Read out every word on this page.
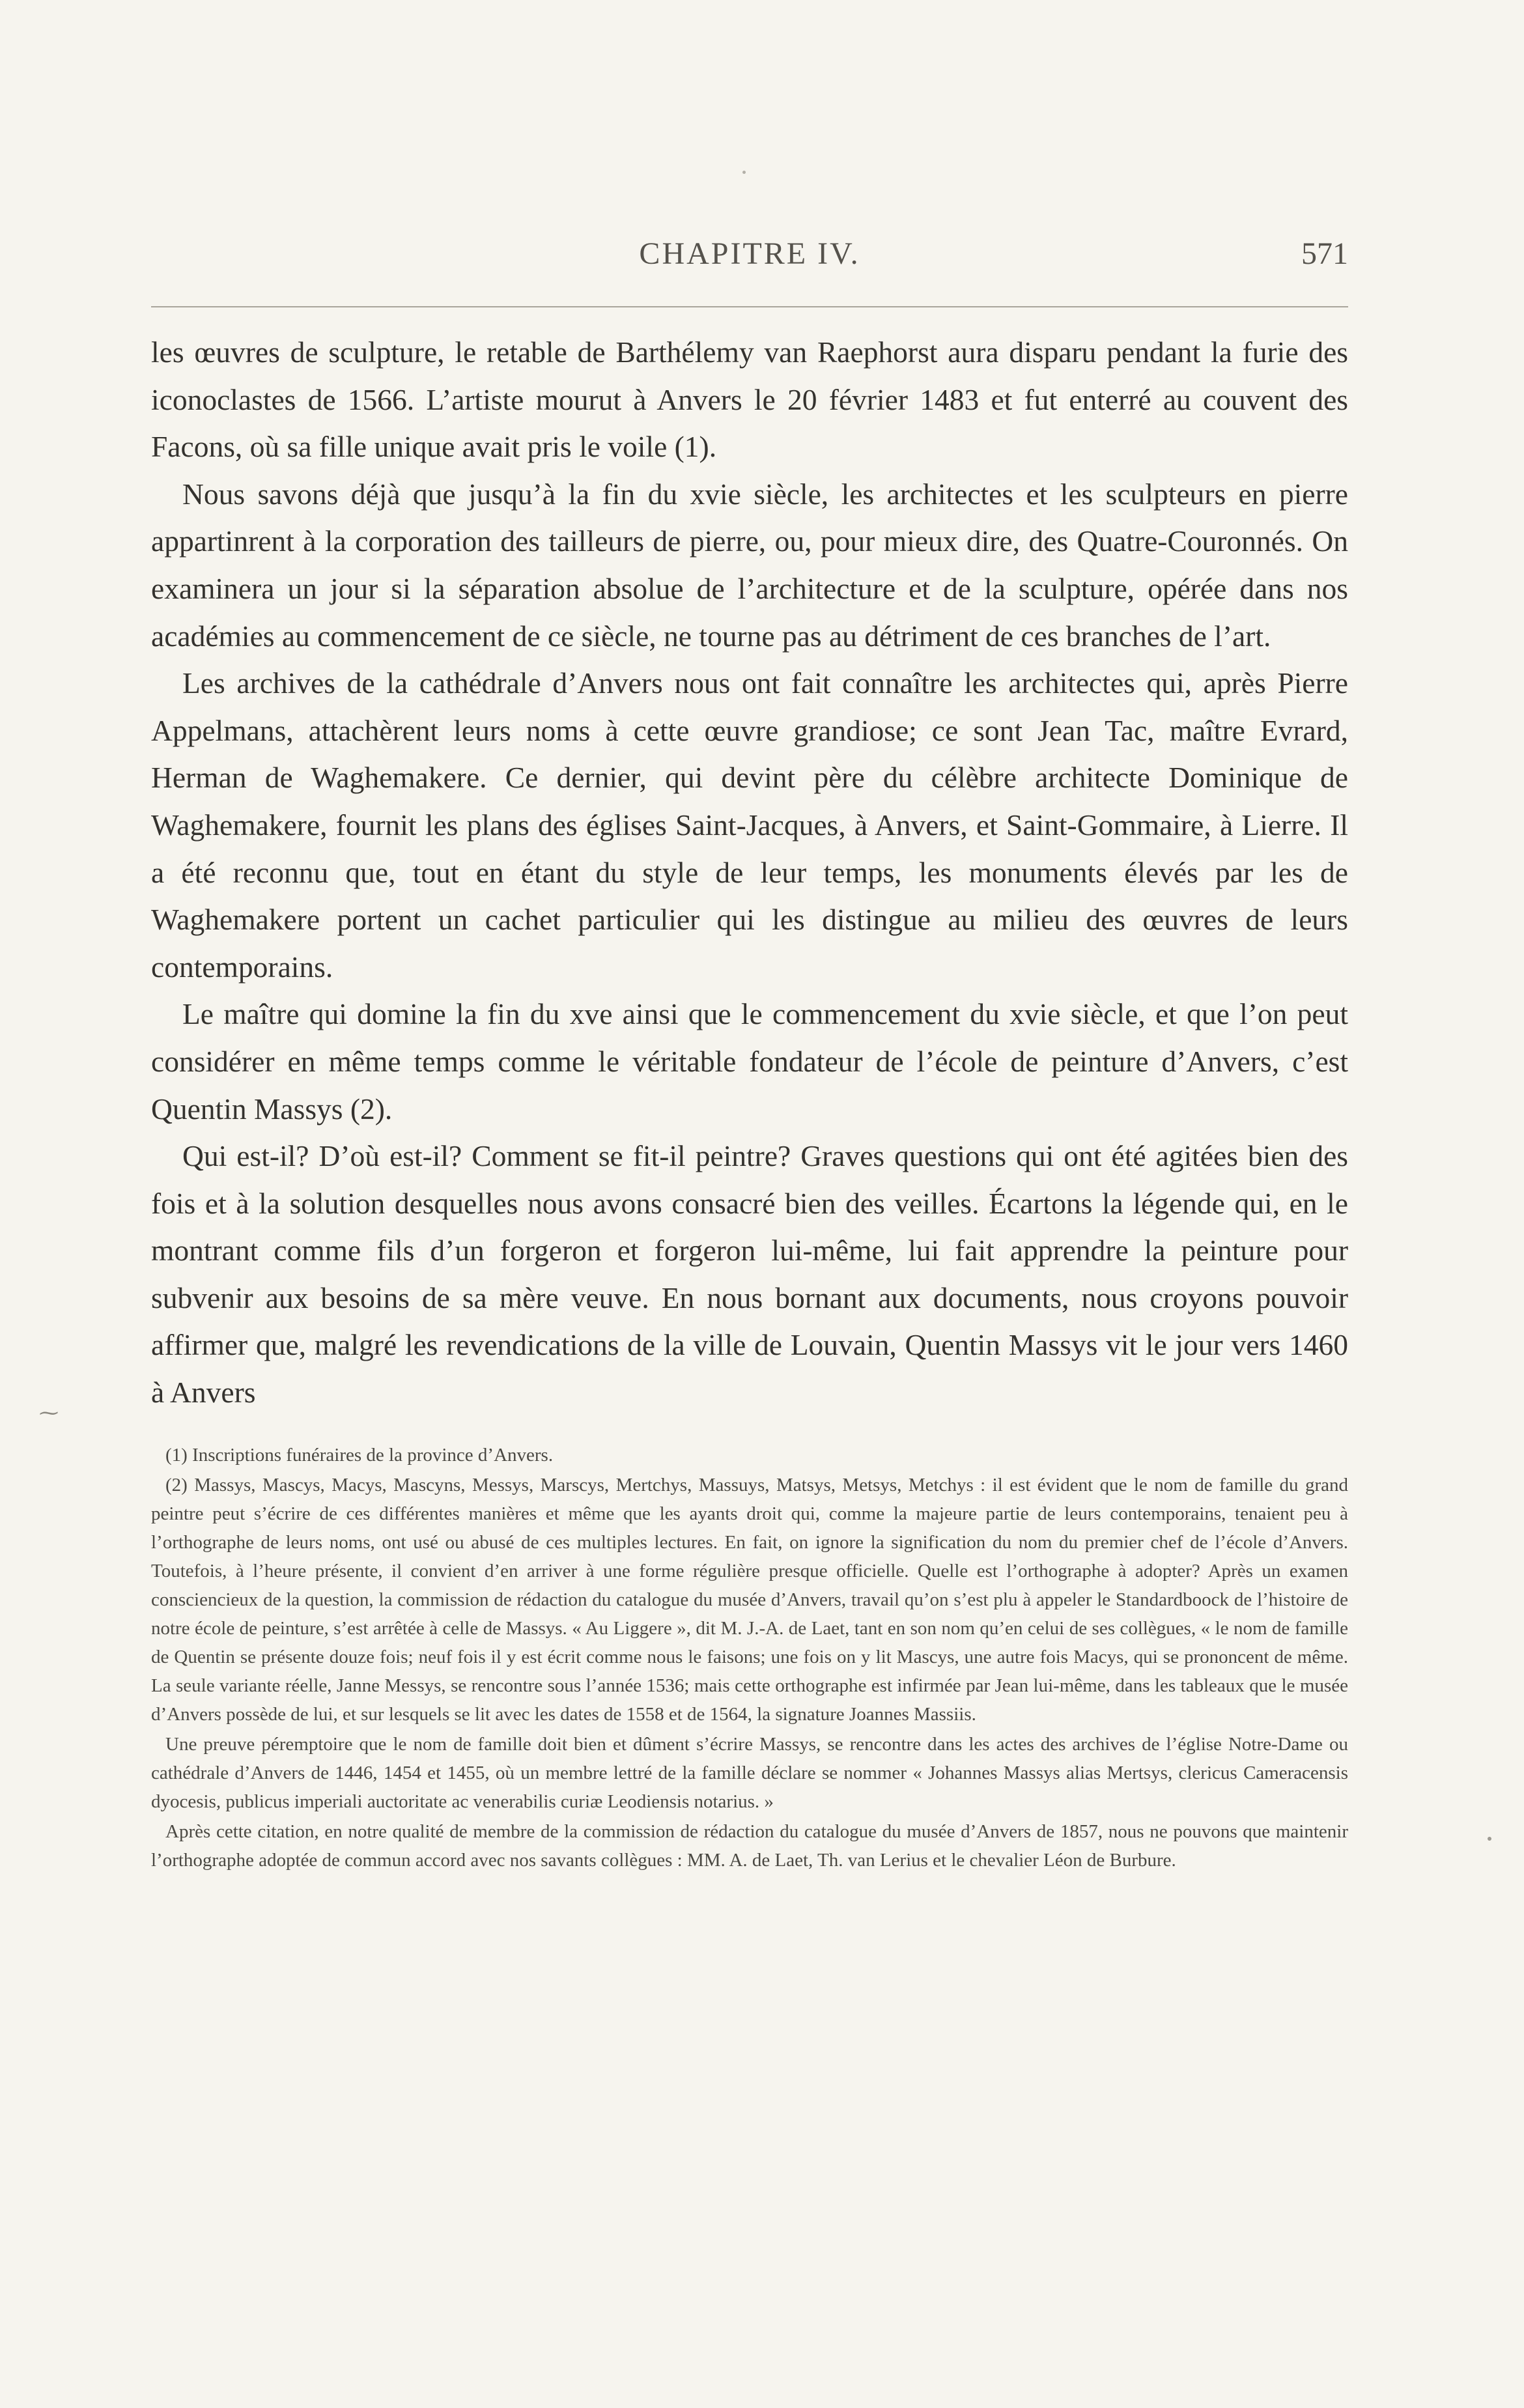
CHAPITRE IV.	571

les œuvres de sculpture, le retable de Barthélemy van Raephorst aura disparu pendant la furie des iconoclastes de 1566. L’artiste mourut à Anvers le 20 février 1483 et fut enterré au couvent des Facons, où sa fille unique avait pris le voile (1).

Nous savons déjà que jusqu’à la fin du xvie siècle, les architectes et les sculpteurs en pierre appartinrent à la corporation des tailleurs de pierre, ou, pour mieux dire, des Quatre-Couronnés. On examinera un jour si la séparation absolue de l’architecture et de la sculpture, opérée dans nos académies au commencement de ce siècle, ne tourne pas au détriment de ces branches de l’art.

Les archives de la cathédrale d’Anvers nous ont fait connaître les architectes qui, après Pierre Appelmans, attachèrent leurs noms à cette œuvre grandiose; ce sont Jean Tac, maître Evrard, Herman de Waghemakere. Ce dernier, qui devint père du célèbre architecte Dominique de Waghemakere, fournit les plans des églises Saint-Jacques, à Anvers, et Saint-Gommaire, à Lierre. Il a été reconnu que, tout en étant du style de leur temps, les monuments élevés par les de Waghemakere portent un cachet particulier qui les distingue au milieu des œuvres de leurs contemporains.

Le maître qui domine la fin du xve ainsi que le commencement du xvie siècle, et que l’on peut considérer en même temps comme le véritable fondateur de l’école de peinture d’Anvers, c’est Quentin Massys (2).

Qui est-il? D’où est-il? Comment se fit-il peintre? Graves questions qui ont été agitées bien des fois et à la solution desquelles nous avons consacré bien des veilles. Écartons la légende qui, en le montrant comme fils d’un forgeron et forgeron lui-même, lui fait apprendre la peinture pour subvenir aux besoins de sa mère veuve. En nous bornant aux documents, nous croyons pouvoir affirmer que, malgré les revendications de la ville de Louvain, Quentin Massys vit le jour vers 1460 à Anvers

⁓

(1) Inscriptions funéraires de la province d’Anvers.

(2) Massys, Mascys, Macys, Mascyns, Messys, Marscys, Mertchys, Massuys, Matsys, Metsys, Metchys : il est évident que le nom de famille du grand peintre peut s’écrire de ces différentes manières et même que les ayants droit qui, comme la majeure partie de leurs contemporains, tenaient peu à l’orthographe de leurs noms, ont usé ou abusé de ces multiples lectures. En fait, on ignore la signification du nom du premier chef de l’école d’Anvers. Toutefois, à l’heure présente, il convient d’en arriver à une forme régulière presque officielle. Quelle est l’orthographe à adopter? Après un examen consciencieux de la question, la commission de rédaction du catalogue du musée d’Anvers, travail qu’on s’est plu à appeler le Standardboock de l’histoire de notre école de peinture, s’est arrêtée à celle de Massys. « Au Liggere », dit M. J.-A. de Laet, tant en son nom qu’en celui de ses collègues, « le nom de famille de Quentin se présente douze fois; neuf fois il y est écrit comme nous le faisons; une fois on y lit Mascys, une autre fois Macys, qui se prononcent de même. La seule variante réelle, Janne Messys, se rencontre sous l’année 1536; mais cette orthographe est infirmée par Jean lui-même, dans les tableaux que le musée d’Anvers possède de lui, et sur lesquels se lit avec les dates de 1558 et de 1564, la signature Joannes Massiis.

Une preuve péremptoire que le nom de famille doit bien et dûment s’écrire Massys, se rencontre dans les actes des archives de l’église Notre-Dame ou cathédrale d’Anvers de 1446, 1454 et 1455, où un membre lettré de la famille déclare se nommer « Johannes Massys alias Mertsys, clericus Cameracensis dyocesis, publicus imperiali auctoritate ac venerabilis curiæ Leodiensis notarius. »

Après cette citation, en notre qualité de membre de la commission de rédaction du catalogue du musée d’Anvers de 1857, nous ne pouvons que maintenir l’orthographe adoptée de commun accord avec nos savants collègues : MM. A. de Laet, Th. van Lerius et le chevalier Léon de Burbure.
